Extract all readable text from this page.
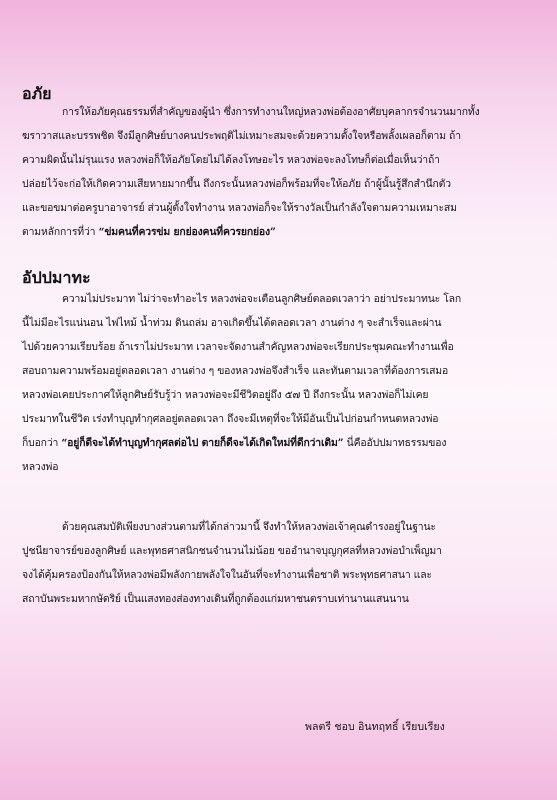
อภัย
การให้อภัยคุณธรรมที่สำคัญของผู้นำ ซึ่งการทำงานใหญ่หลวงพ่อต้องอาศัยบุคลากรจำนวนมากทั้ง
ฆราวาสและบรรพชิต จึงมีลูกศิษย์บางคนประพฤติไม่เหมาะสมจะด้วยความตั้งใจหรือพลั้งเผลอก็ตาม ถ้า
ความผิดนั้นไม่รุนแรง หลวงพ่อก็ให้อภัยโดยไม่ได้ลงโทษอะไร หลวงพ่อจะลงโทษก็ต่อเมื่อเห็นว่าถ้า
ปล่อยไว้จะก่อให้เกิดความเสียหายมากขึ้น ถึงกระนั้นหลวงพ่อก็พร้อมที่จะให้อภัย ถ้าผู้นั้นรู้สึกสำนึกตัว
และขอขมาต่อครูบาอาจารย์ ส่วนผู้ตั้งใจทำงาน หลวงพ่อก็จะให้รางวัลเป็นกำลังใจตามความเหมาะสม
ตามหลักการที่ว่า “ข่มคนที่ควรข่ม ยกย่องคนที่ควรยกย่อง”
อัปปมาทะ
ความไม่ประมาท ไม่ว่าจะทำอะไร หลวงพ่อจะเตือนลูกศิษย์ตลอดเวลาว่า อย่าประมาทนะ โลก
นี้ไม่มีอะไรแน่นอน ไฟไหม้ น้ำท่วม ดินถล่ม อาจเกิดขึ้นได้ตลอดเวลา งานต่าง ๆ จะสำเร็จและผ่าน
ไปด้วยความเรียบร้อย ถ้าเราไม่ประมาท เวลาจะจัดงานสำคัญหลวงพ่อจะเรียกประชุมคณะทำงานเพื่อ
สอบถามความพร้อมอยู่ตลอดเวลา งานต่าง ๆ ของหลวงพ่อจึงสำเร็จ และทันตามเวลาที่ต้องการเสมอ
หลวงพ่อเคยประกาศให้ลูกศิษย์รับรู้ว่า หลวงพ่อจะมีชีวิตอยู่ถึง ๕๗ ปี ถึงกระนั้น หลวงพ่อก็ไม่เคย
ประมาทในชีวิต เร่งทำบุญทำกุศลอยู่ตลอดเวลา ถึงจะมีเหตุที่จะให้มีอันเป็นไปก่อนกำหนดหลวงพ่อ
ก็บอกว่า “อยู่ก็ดีจะได้ทำบุญทำกุศลต่อไป ตายก็ดีจะได้เกิดใหม่ที่ดีกว่าเดิม” นี่คืออัปปมาทธรรมของ
หลวงพ่อ
ด้วยคุณสมบัติเพียงบางส่วนตามที่ได้กล่าวมานี้ จึงทำให้หลวงพ่อเจ้าคุณดำรงอยู่ในฐานะ
ปูชนียาจารย์ของลูกศิษย์ และพุทธศาสนิกชนจำนวนไม่น้อย ขออำนาจบุญกุศลที่หลวงพ่อบำเพ็ญมา
จงได้คุ้มครองป้องกันให้หลวงพ่อมีพลังกายพลังใจในอันที่จะทำงานเพื่อชาติ พระพุทธศาสนา และ
สถาบันพระมหากษัตริย์ เป็นแสงทองส่องทางเดินที่ถูกต้องแก่มหาชนตราบเท่านานแสนนาน
พลตรี ชอบ อินทฤทธิ์ เรียบเรียง
